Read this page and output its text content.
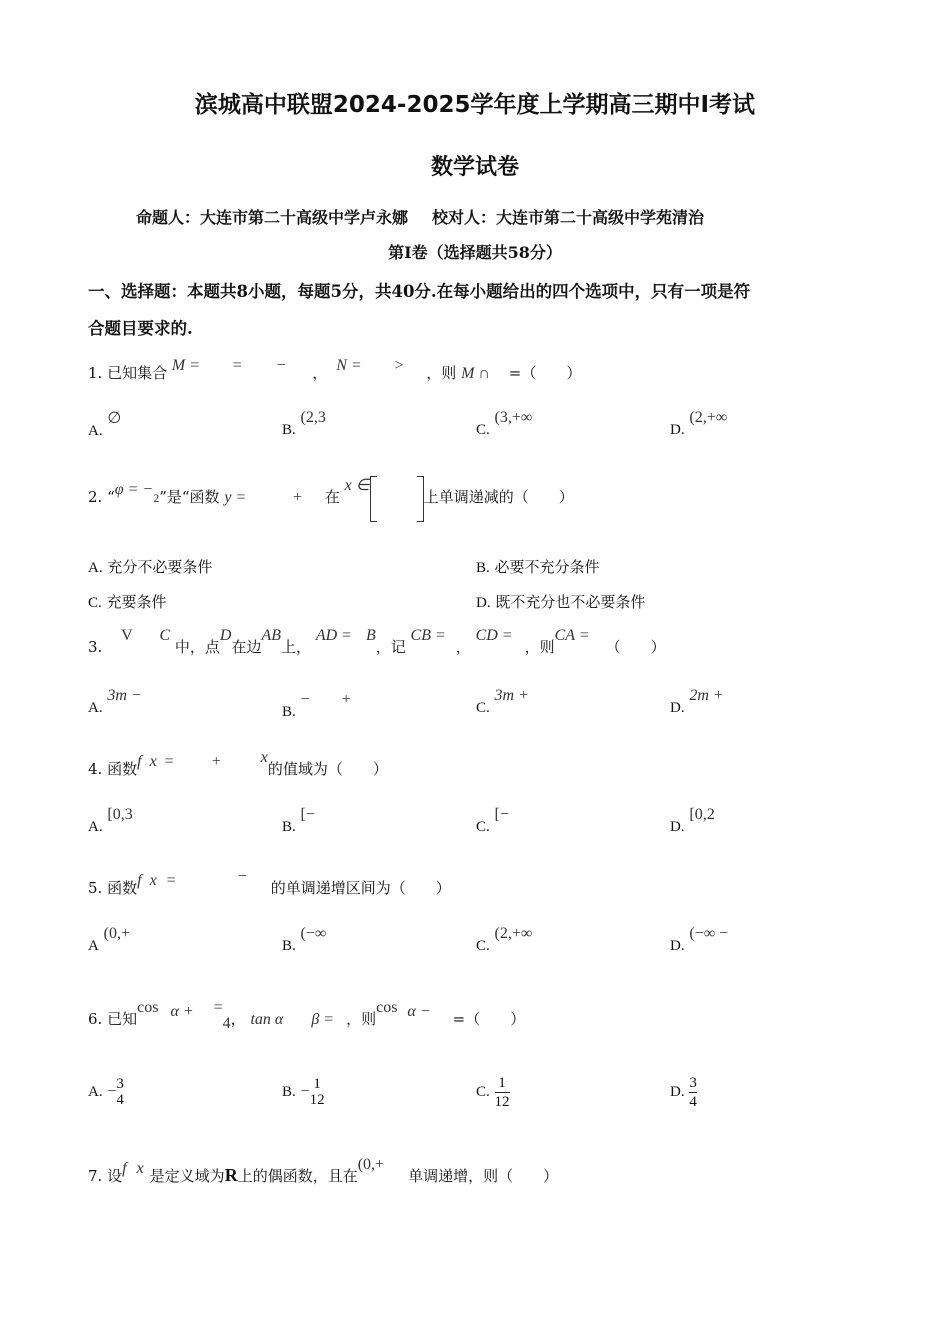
滨城高中联盟2024-2025学年度上学期高三期中Ⅰ考试
数学试卷
命题人：大连市第二十高级中学卢永娜 校对人：大连市第二十高级中学苑清治
第Ⅰ卷（选择题共58分）
一、选择题：本题共8小题，每题5分，共40分.在每小题给出的四个选项中，只有一项是符
合题目要求的.
1. 已知集合 M = = − ， N = > ，则 M ∩ =（　　）
A. ∅
B. (2,3
C. (3,+∞
D. (2,+∞
2. “φ = −2”是“函数 y =	+ 在 x ∈上单调递减的（　　）
A. 充分不必要条件	B. 必要不充分条件
C. 充要条件	D. 既不充分也不必要条件
3. V C 中，点D在边AB上， AD = B，记 CB =， CD =，则CA =（　　）
A. 3m −
B. −　　+	C. 3m +
D. 2m +
4. 函数f x = +	x的值域为（　　）
A. [0,3
B. [−
C. [−
D. [0,2
5. 函数f x =	−的单调递增区间为（　　）
A (0,+
B. (−∞
C. (2,+∞
D. (−∞ −
6. 已知cos α + =4， tan α β = ，则cos α − =（　　）
A. − 3
4	B. − 1
12	C. $\frac{1}{12}$	D. $\frac{3}{4}$
7. 设f x 是定义域为R上的偶函数，且在(0,+单调递增，则（　　）
